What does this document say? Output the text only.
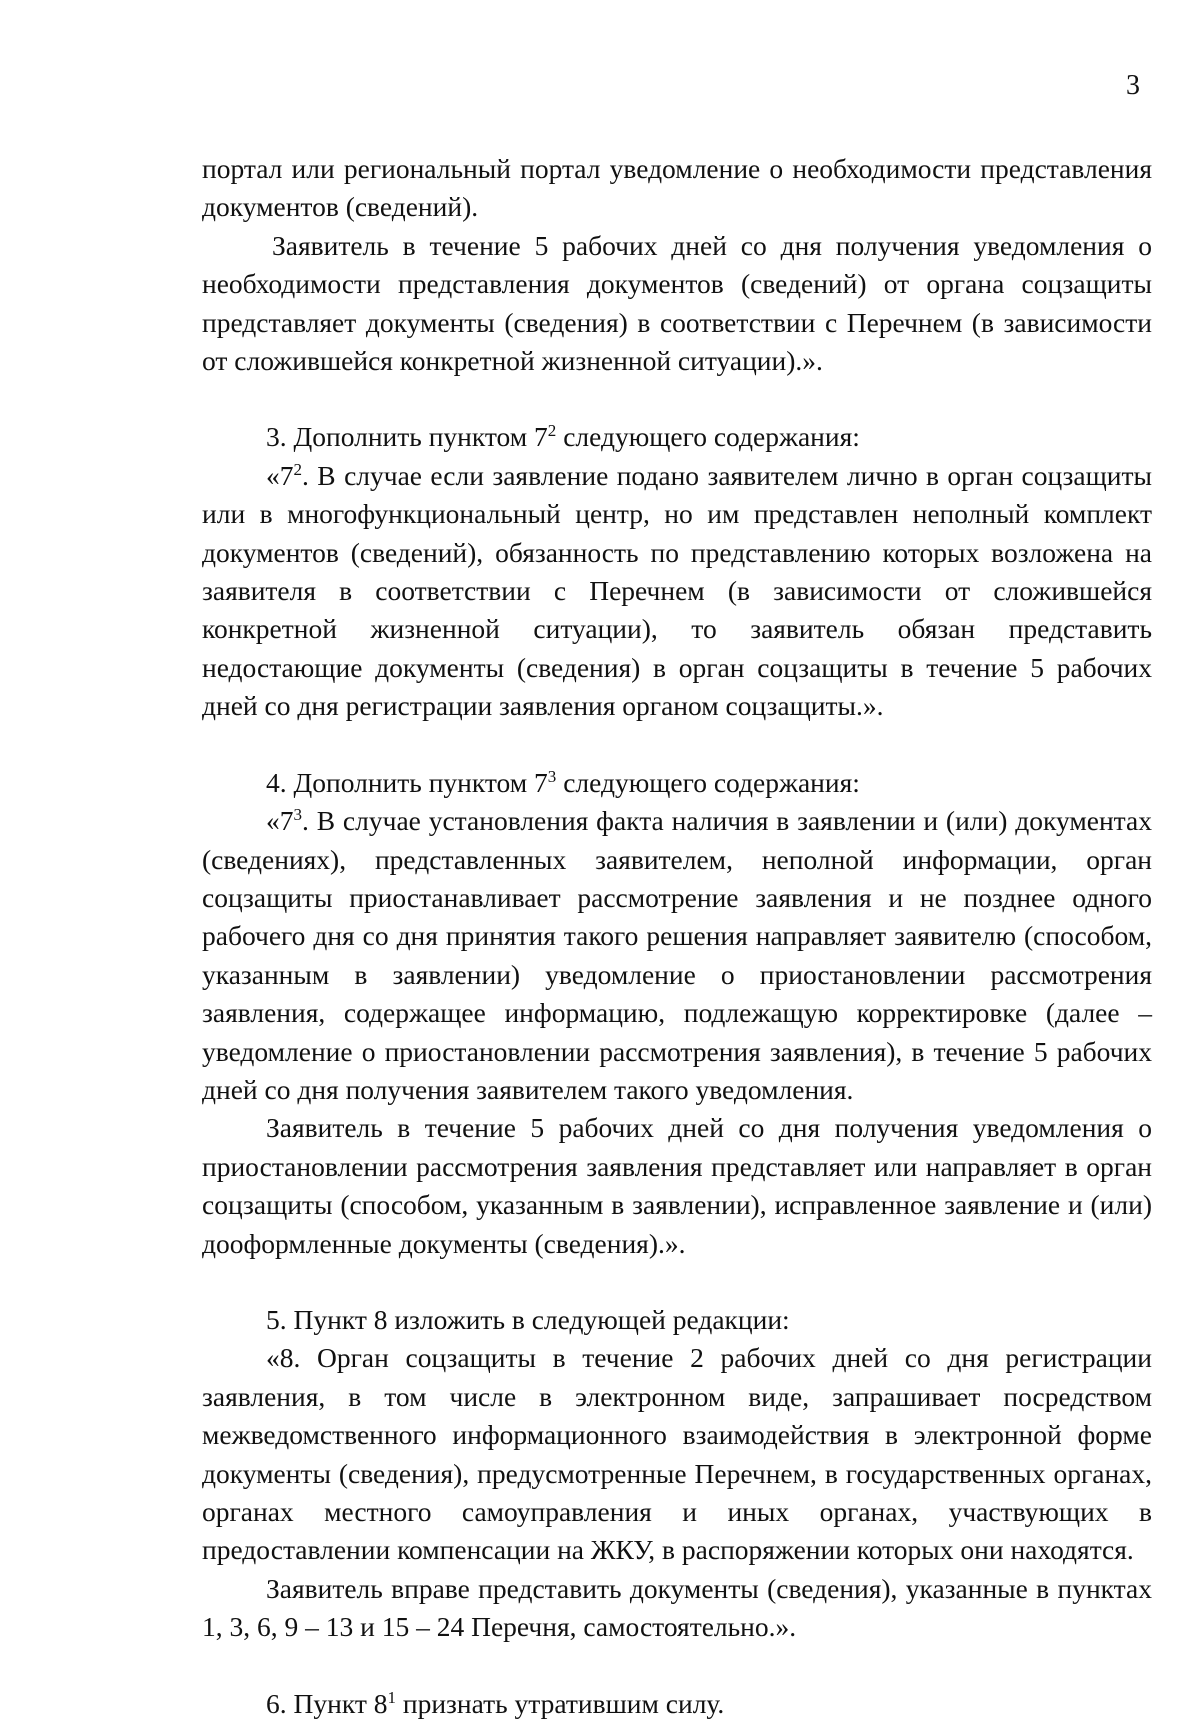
3

портал или региональный портал уведомление о необходимости представления документов (сведений).

Заявитель в течение 5 рабочих дней со дня получения уведомления о необходимости представления документов (сведений) от органа соцзащиты представляет документы (сведения) в соответствии с Перечнем (в зависимости от сложившейся конкретной жизненной ситуации).».

3. Дополнить пунктом $7^2$ следующего содержания:

«$7^2$. В случае если заявление подано заявителем лично в орган соцзащиты или в многофункциональный центр, но им представлен неполный комплект документов (сведений), обязанность по представлению которых возложена на заявителя в соответствии с Перечнем (в зависимости от сложившейся конкретной жизненной ситуации), то заявитель обязан представить недостающие документы (сведения) в орган соцзащиты в течение 5 рабочих дней со дня регистрации заявления органом соцзащиты.».

4. Дополнить пунктом $7^3$ следующего содержания:

«$7^3$. В случае установления факта наличия в заявлении и (или) документах (сведениях), представленных заявителем, неполной информации, орган соцзащиты приостанавливает рассмотрение заявления и не позднее одного рабочего дня со дня принятия такого решения направляет заявителю (способом, указанным в заявлении) уведомление о приостановлении рассмотрения заявления, содержащее информацию, подлежащую корректировке (далее – уведомление о приостановлении рассмотрения заявления), в течение 5 рабочих дней со дня получения заявителем такого уведомления.

Заявитель в течение 5 рабочих дней со дня получения уведомления о приостановлении рассмотрения заявления представляет или направляет в орган соцзащиты (способом, указанным в заявлении), исправленное заявление и (или) дооформленные документы (сведения).».

5. Пункт 8 изложить в следующей редакции:

«8. Орган соцзащиты в течение 2 рабочих дней со дня регистрации заявления, в том числе в электронном виде, запрашивает посредством межведомственного информационного взаимодействия в электронной форме документы (сведения), предусмотренные Перечнем, в государственных органах, органах местного самоуправления и иных органах, участвующих в предоставлении компенсации на ЖКУ, в распоряжении которых они находятся.

Заявитель вправе представить документы (сведения), указанные в пунктах 1, 3, 6, 9 – 13 и 15 – 24 Перечня, самостоятельно.».

6. Пункт $8^1$ признать утратившим силу.
